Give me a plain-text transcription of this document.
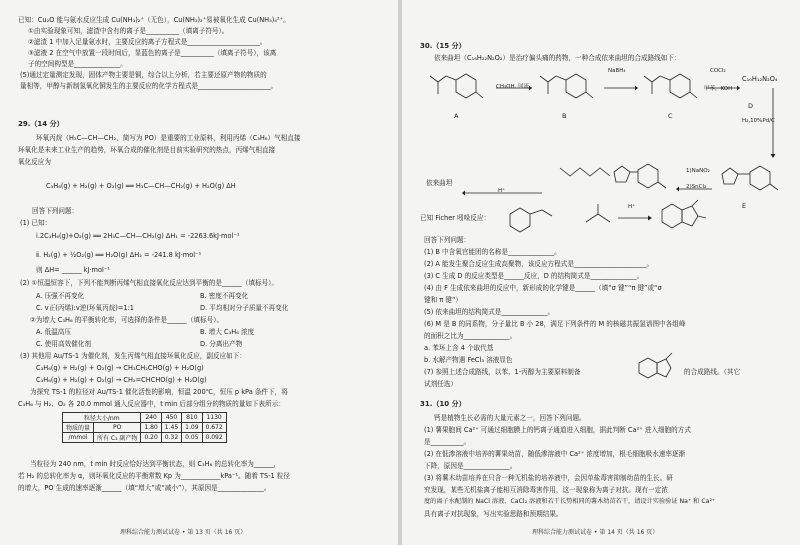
已知：Cu₂O 能与氨水反应生成 Cu(NH₃)₂⁺（无色），Cu(NH₃)₂⁺易被氧化生成 Cu(NH₃)₄²⁺。
①由实验现象可知，滤渣中含有的离子是__________（填离子符号）。
②滤渣 1 中加入足量氨水时，主要反应的离子方程式是______________________。
③滤液 2 在空气中放置一段时间后，显蓝色的离子是__________（填离子符号），该离
子的空间构型是______________。
(5)通过定量测定发现，固体产物主要是铜，综合以上分析，若主要还原产物的物质的
量相等，甲醇与新制氢氧化铜发生的主要反应的化学方程式是______________________。
29.（14 分）
环氧丙烷（H₃C—CH—CH₂，简写为 PO）是重要的工业原料，利用丙烯（C₃H₆）气相直接
环氧化是未来工业生产的趋势，环氧合成的催化剂是目前实验研究的热点，丙烯气相直接
氧化反应为
C₃H₆(g) + H₂(g) + O₂(g) ══ H₃C—CH—CH₂(g) + H₂O(g) ΔH
回答下列问题：
(1) 已知：
ⅰ.2C₃H₆(g)+O₂(g) ══ 2H₃C—CH—CH₂(g) ΔH₁ = -2263.6kJ·mol⁻¹
ⅱ. H₂(g) + ½O₂(g) ══ H₂O(g) ΔH₂ = -241.8 kJ·mol⁻¹
则 ΔH= ______ kJ·mol⁻¹
(2) ①恒温恒容下，下列不能判断丙烯气相直接氧化反应达到平衡的是______（填标号）。
A. 压强不再变化	B. 密度不再变化
C. v正(丙烯):v逆(环氧丙烷)=1:1	D. 平均相对分子质量不再变化
②为增大 C₃H₆ 的平衡转化率，可选择的条件是______（填标号）。
A. 低温高压	B. 增大 C₃H₆ 浓度
C. 使用高效催化剂	D. 分离出产物
(3) 其他用 Au/TS-1 为催化剂，发生丙烯气相直接环氧化反应，副反应如下：
C₃H₆(g) + H₂(g) + O₂(g) → CH₃CH₂CHO(g) + H₂O(g)
C₃H₆(g) + H₂(g) + O₂(g) → CH₂=CHCHO(g) + H₂O(g)
为探究 TS-1 的粒径对 Au/TS-1 催化活性的影响，恒温 200℃，恒压 p kPa 条件下，将
C₃H₆ 与 H₂、O₂ 各 20.0 mmol 通入反应器中，t min 后部分组分的物质的量如下表所示：
粒径大小/nm		240	450	810	1130
物质的量	PO	1.80	1.45	1.09	0.672
/mmol	所有 C₃ 副产物	0.20	0.32	0.05	0.092
当粒径为 240 nm，t min 时反应恰好达到平衡状态，则 C₃H₆ 的总转化率为______，
若 H₂ 的总转化率为 α，则环氧化反应的平衡常数 Kp 为____________kPa⁻¹。随着 TS-1 粒径
的增大，PO 生成的速率逐渐______（填“增大”或“减小”），其原因是______________。
理科综合能力测试试卷 • 第 13 页（共 16 页）
30.（15 分）
依来曲坦（C₁₆H₂₂N₂O₂）是治疗偏头痛的药物，一种合成依来曲坦的合成路线如下：
A
CH₃OH, 回流
B
NaBH₄
C
COCl₂
甲苯，KOH
C₁₀H₁₂N₂O₄
H₂,10%Pd/C
D
E
1)NaNO₂
2)SnCl₂
H⁺
依来曲坦
已知 Ficher 吲哚反应：
H⁺
回答下列问题：
(1) B 中含氧官能团的名称是______________。
(2) A 能发生聚合反应生成高聚物，该反应方程式是______________________。
(3) C 生成 D 的反应类型是______反应，D 的结构简式是______________。
(4) 由 F 生成依来曲坦的反应中，新形成的化学键是______（填“σ 键”“π 键”或“σ
键和 π 键”）
(5) 依来曲坦的结构简式是______________。
(6) M 是 B 的同系物，分子量比 B 小 28，满足下列条件的 M 的核磁共振氢谱图中各组峰
的面积之比为______________。
a. 苯环上含 4 个取代基
b. 水解产物遇 FeCl₃ 溶液显色
(7) 参照上述合成路线，以苯、1-丙醇为主要原料制备	的合成路线。（其它
试剂任选）
31.（10 分）
钙是植物生长必需的大量元素之一，回答下列问题。
(1) 薯果胞间 Ca²⁺ 可通过细胞膜上的钙离子通道进入细胞，据此判断 Ca²⁺ 进入细胞的方式
是__________。
(2) 在低渗溶液中培养的薯果幼苗，随低渗溶液中 Ca²⁺ 浓度增加，根毛细胞吸水速率逐渐
下降，原因是______________。
(3) 将薯木幼苗培养在只含一种无机盐的培养液中，会因单盐毒害抑制幼苗的生长。研
究发现，某些无机盐离子能相互消除毒害作用，这一现象称为离子对抗。现有一定浓
度的离子水配制的 NaCl 溶液、CaCl₂ 溶液和若干长势相同的薯木幼苗若干，请设计实验验证 Na⁺ 和 Ca²⁺
具有离子对抗现象，写出实验思路和预期结果。
理科综合能力测试试卷 • 第 14 页（共 16 页）
